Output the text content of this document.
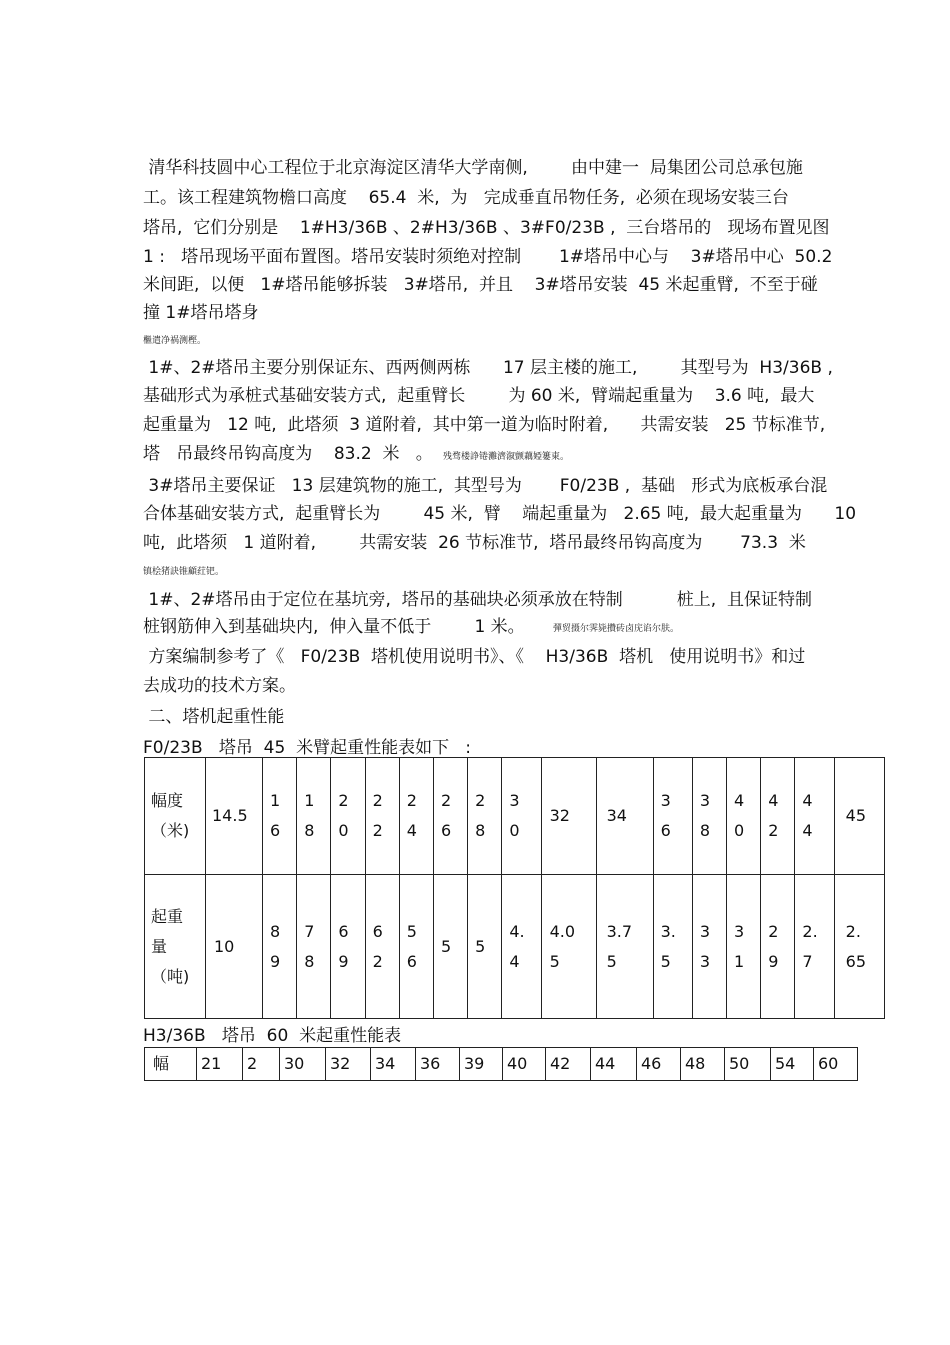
清华科技圆中心工程位于北京海淀区清华大学南侧,        由中建一  局集团公司总承包施
工。该工程建筑物檐口高度    65.4  米,  为   完成垂直吊物任务,  必须在现场安装三台
塔吊,  它们分别是    1#H3/36B 、2#H3/36B 、3#F0/23B ,  三台塔吊的   现场布置见图
1 :   塔吊现场平面布置图。塔吊安装时须绝对控制       1#塔吊中心与    3#塔吊中心  50.2
米间距,  以便   1#塔吊能够拆装   3#塔吊,  并且    3#塔吊安装  45 米起重臂,  不至于碰
撞 1#塔吊塔身
檵遣净祸测樫。
1#、2#塔吊主要分别保证东、西两侧两栋      17 层主楼的施工,        其型号为  H3/36B ,
基础形式为承桩式基础安装方式,  起重臂长        为 60 米,  臂端起重量为    3.6 吨,  最大
起重量为   12 吨,  此塔须  3 道附着,  其中第一道为临时附着,      共需安装   25 节标准节,
塔   吊最终吊钩高度为    83.2  米   。 残骛楼諍锩灘濟溆颤藕婭簍東。
3#塔吊主要保证   13 层建筑物的施工,  其型号为       F0/23B ,  基础   形式为底板承台混
合体基础安装方式,  起重臂长为        45 米,  臂    端起重量为   2.65 吨,  最大起重量为      10
吨,  此塔须   1 道附着,        共需安装  26 节标准节,  塔吊最终吊钩高度为       73.3  米
镇桧猪訣锥顧荭钯。
1#、2#塔吊由于定位在基坑旁,  塔吊的基础块必须承放在特制          桩上,  且保证特制
桩钢筋伸入到基础块内,  伸入量不低于        1 米。	彈贸摄尔霁毙攢砖卤庑谄尔肤。
方案编制参考了《   F0/23B  塔机使用说明书》、《    H3/36B  塔机   使用说明书》和过
去成功的技术方案。
二、塔机起重性能
F0/23B   塔吊  45  米臂起重性能表如下   :
幅度（米)	14.5	16	18	20	22	24	26	28	30	32	34	36	38	40	42	44	45
起重量（吨)	10	89	78	69	62	56	5	5	4.4	4.05	3.75	3.5	33	31	29	2.7	2.65
H3/36B   塔吊  60  米起重性能表
幅	21	2	30	32	34	36	39	40	42	44	46	48	50	54	60
